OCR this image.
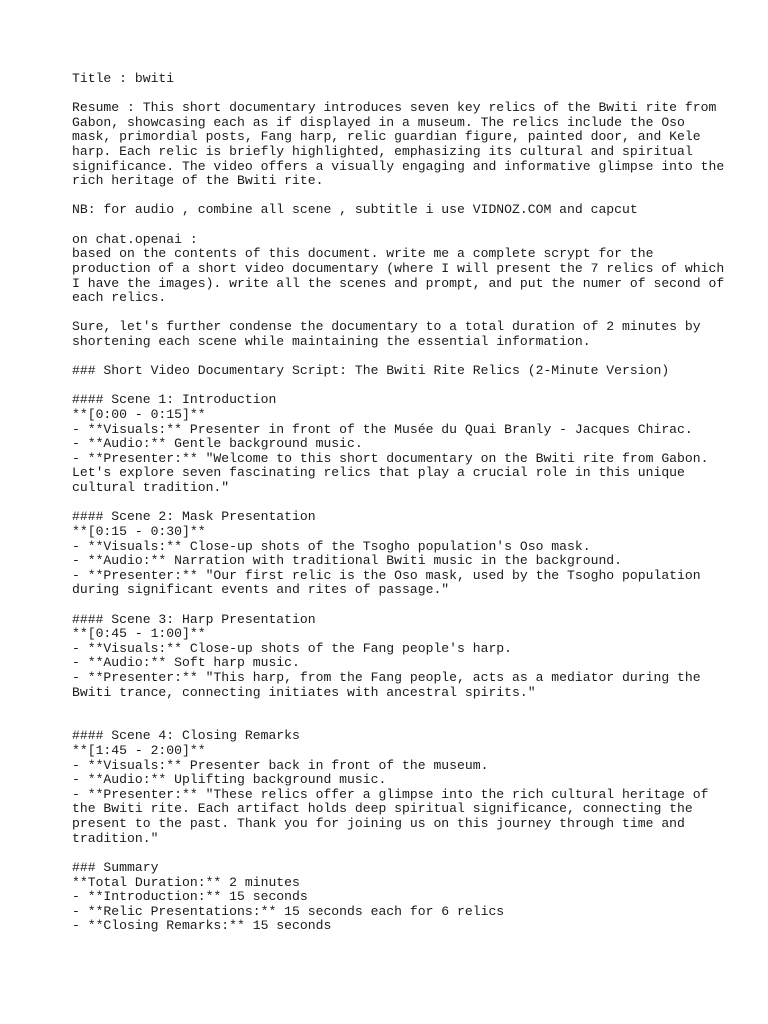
Title : bwiti
Resume : This short documentary introduces seven key relics of the Bwiti rite from
Gabon, showcasing each as if displayed in a museum. The relics include the Oso
mask, primordial posts, Fang harp, relic guardian figure, painted door, and Kele
harp. Each relic is briefly highlighted, emphasizing its cultural and spiritual
significance. The video offers a visually engaging and informative glimpse into the
rich heritage of the Bwiti rite.
NB: for audio , combine all scene , subtitle i use VIDNOZ.COM and capcut
on chat.openai :
based on the contents of this document. write me a complete scrypt for the
production of a short video documentary (where I will present the 7 relics of which
I have the images). write all the scenes and prompt, and put the numer of second of
each relics.
Sure, let's further condense the documentary to a total duration of 2 minutes by
shortening each scene while maintaining the essential information.
### Short Video Documentary Script: The Bwiti Rite Relics (2-Minute Version)
#### Scene 1: Introduction
**[0:00 - 0:15]**
- **Visuals:** Presenter in front of the Musée du Quai Branly - Jacques Chirac.
- **Audio:** Gentle background music.
- **Presenter:** "Welcome to this short documentary on the Bwiti rite from Gabon.
Let's explore seven fascinating relics that play a crucial role in this unique
cultural tradition."
#### Scene 2: Mask Presentation
**[0:15 - 0:30]**
- **Visuals:** Close-up shots of the Tsogho population's Oso mask.
- **Audio:** Narration with traditional Bwiti music in the background.
- **Presenter:** "Our first relic is the Oso mask, used by the Tsogho population
during significant events and rites of passage."
#### Scene 3: Harp Presentation
**[0:45 - 1:00]**
- **Visuals:** Close-up shots of the Fang people's harp.
- **Audio:** Soft harp music.
- **Presenter:** "This harp, from the Fang people, acts as a mediator during the
Bwiti trance, connecting initiates with ancestral spirits."
#### Scene 4: Closing Remarks
**[1:45 - 2:00]**
- **Visuals:** Presenter back in front of the museum.
- **Audio:** Uplifting background music.
- **Presenter:** "These relics offer a glimpse into the rich cultural heritage of
the Bwiti rite. Each artifact holds deep spiritual significance, connecting the
present to the past. Thank you for joining us on this journey through time and
tradition."
### Summary
**Total Duration:** 2 minutes
- **Introduction:** 15 seconds
- **Relic Presentations:** 15 seconds each for 6 relics
- **Closing Remarks:** 15 seconds
